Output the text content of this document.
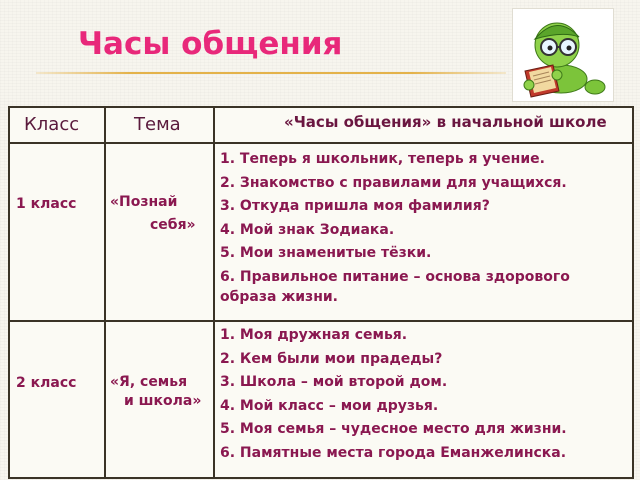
Часы общения
Класс	Тема	«Часы общения» в начальной школе
1 класс «Познай
себя»
1. Теперь я школьник, теперь я учение.
2. Знакомство с правилами для учащихся.
3. Откуда пришла моя фамилия?
4. Мой знак Зодиака.
5. Мои знаменитые тёзки.
6. Правильное питание – основа здорового образа жизни.
2 класс «Я, семья
и школа»
1. Моя дружная семья.
2. Кем были мои прадеды?
3. Школа – мой второй дом.
4. Мой класс – мои друзья.
5. Моя семья – чудесное место для жизни.
6. Памятные места города Еманжелинска.
